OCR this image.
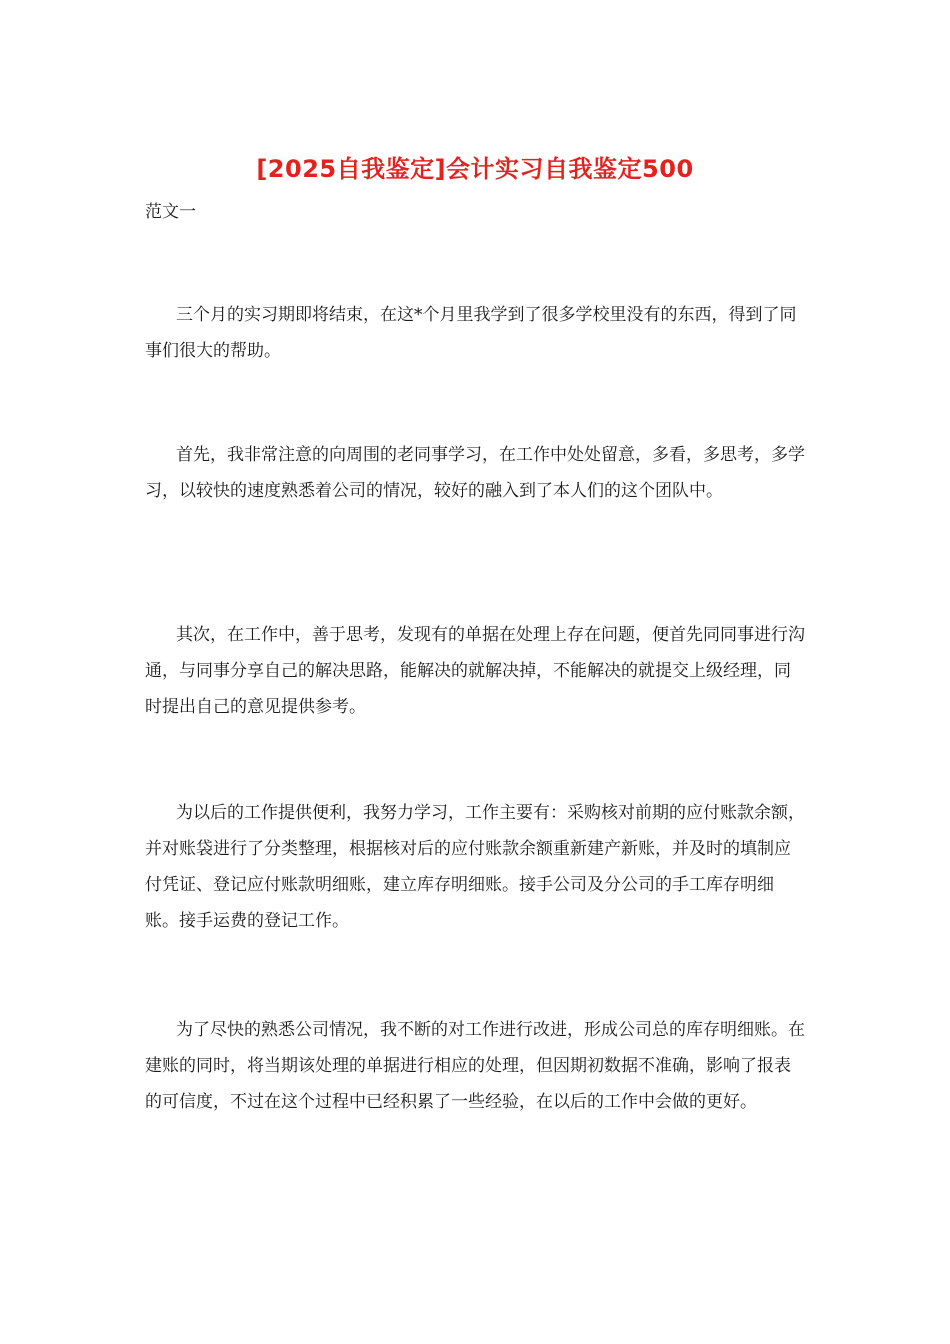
[2025自我鉴定]会计实习自我鉴定500
范文一

三个月的实习期即将结束，在这*个月里我学到了很多学校里没有的东西，得到了同事们很大的帮助。

首先，我非常注意的向周围的老同事学习，在工作中处处留意，多看，多思考，多学习，以较快的速度熟悉着公司的情况，较好的融入到了本人们的这个团队中。

其次，在工作中，善于思考，发现有的单据在处理上存在问题，便首先同同事进行沟通，与同事分享自己的解决思路，能解决的就解决掉，不能解决的就提交上级经理，同时提出自己的意见提供参考。

为以后的工作提供便利，我努力学习，工作主要有：采购核对前期的应付账款余额，并对账袋进行了分类整理，根据核对后的应付账款余额重新建产新账，并及时的填制应付凭证、登记应付账款明细账，建立库存明细账。接手公司及分公司的手工库存明细账。接手运费的登记工作。

为了尽快的熟悉公司情况，我不断的对工作进行改进，形成公司总的库存明细账。在建账的同时，将当期该处理的单据进行相应的处理，但因期初数据不准确，影响了报表的可信度，不过在这个过程中已经积累了一些经验，在以后的工作中会做的更好。
